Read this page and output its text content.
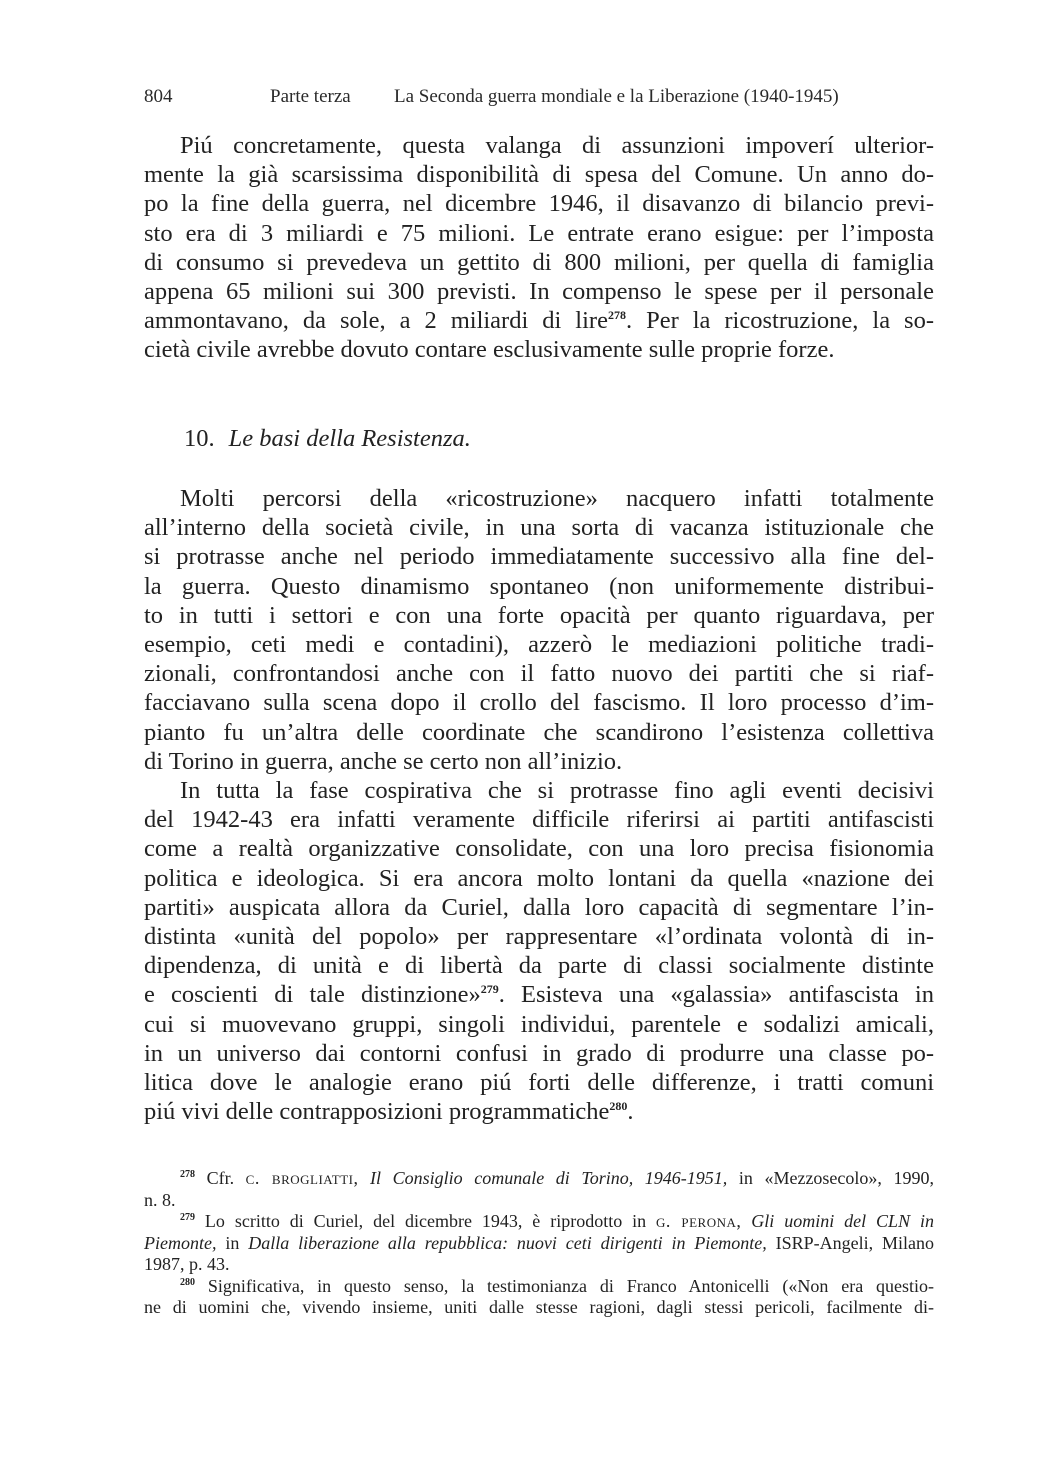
804	Parte terza La Seconda guerra mondiale e la Liberazione (1940-1945)
Piú concretamente, questa valanga di assunzioni impoverí ulterior-
mente la già scarsissima disponibilità di spesa del Comune. Un anno do-
po la fine della guerra, nel dicembre 1946, il disavanzo di bilancio previ-
sto era di 3 miliardi e 75 milioni. Le entrate erano esigue: per l’imposta
di consumo si prevedeva un gettito di 800 milioni, per quella di famiglia
appena 65 milioni sui 300 previsti. In compenso le spese per il personale
ammontavano, da sole, a 2 miliardi di lire$^{278}$. Per la ricostruzione, la so-
cietà civile avrebbe dovuto contare esclusivamente sulle proprie forze.
10. Le basi della Resistenza.
Molti percorsi della «ricostruzione» nacquero infatti totalmente
all’interno della società civile, in una sorta di vacanza istituzionale che
si protrasse anche nel periodo immediatamente successivo alla fine del-
la guerra. Questo dinamismo spontaneo (non uniformemente distribui-
to in tutti i settori e con una forte opacità per quanto riguardava, per
esempio, ceti medi e contadini), azzerò le mediazioni politiche tradi-
zionali, confrontandosi anche con il fatto nuovo dei partiti che si riaf-
facciavano sulla scena dopo il crollo del fascismo. Il loro processo d’im-
pianto fu un’altra delle coordinate che scandirono l’esistenza collettiva
di Torino in guerra, anche se certo non all’inizio.
In tutta la fase cospirativa che si protrasse fino agli eventi decisivi
del 1942-43 era infatti veramente difficile riferirsi ai partiti antifascisti
come a realtà organizzative consolidate, con una loro precisa fisionomia
politica e ideologica. Si era ancora molto lontani da quella «nazione dei
partiti» auspicata allora da Curiel, dalla loro capacità di segmentare l’in-
distinta «unità del popolo» per rappresentare «l’ordinata volontà di in-
dipendenza, di unità e di libertà da parte di classi socialmente distinte
e coscienti di tale distinzione»$^{279}$. Esisteva una «galassia» antifascista in
cui si muovevano gruppi, singoli individui, parentele e sodalizi amicali,
in un universo dai contorni confusi in grado di produrre una classe po-
litica dove le analogie erano piú forti delle differenze, i tratti comuni
piú vivi delle contrapposizioni programmatiche$^{280}$.
$^{278}$ Cfr. c. brogliatti, Il Consiglio comunale di Torino, 1946-1951, in «Mezzosecolo», 1990,
n. 8.
$^{279}$ Lo scritto di Curiel, del dicembre 1943, è riprodotto in g. perona, Gli uomini del CLN in
Piemonte, in Dalla liberazione alla repubblica: nuovi ceti dirigenti in Piemonte, ISRP-Angeli, Milano
1987, p. 43.
$^{280}$ Significativa, in questo senso, la testimonianza di Franco Antonicelli («Non era questio-
ne di uomini che, vivendo insieme, uniti dalle stesse ragioni, dagli stessi pericoli, facilmente di-
